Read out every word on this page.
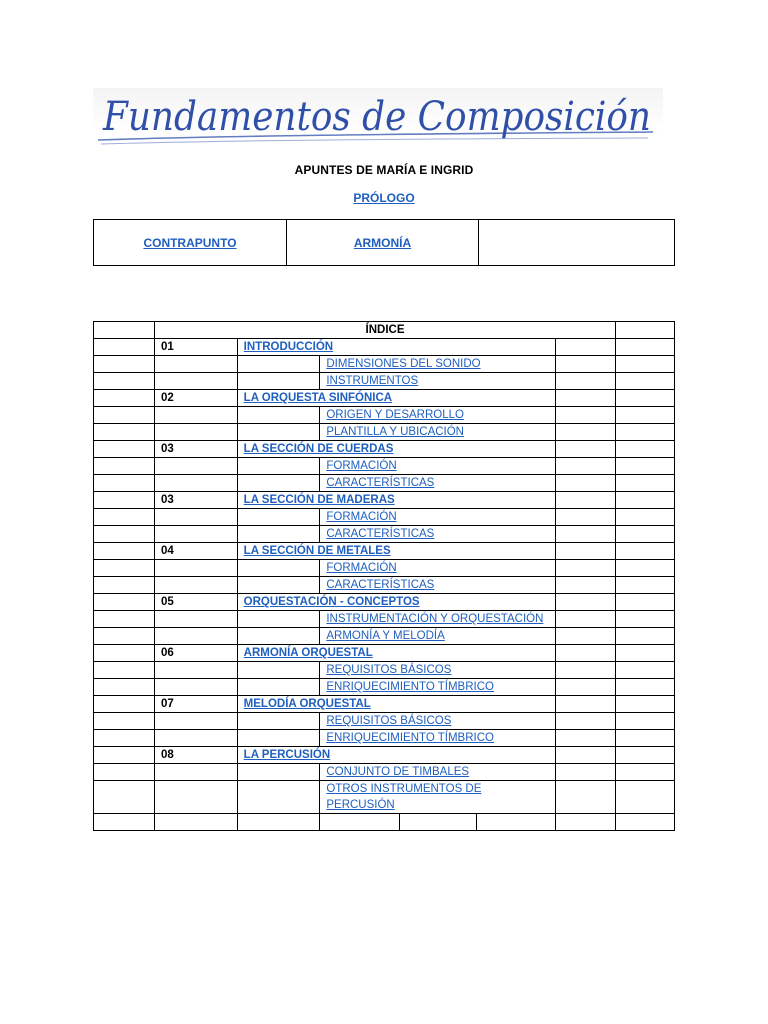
Fundamentos de Composición
APUNTES DE MARÍA E INGRID
PRÓLOGO
CONTRAPUNTO	ARMONÍA
	ÍNDICE						
	01	INTRODUCCIÓN					
			DIMENSIONES DEL SONIDO				
			INSTRUMENTOS				
	02	LA ORQUESTA SINFÓNICA					
			ORIGEN Y DESARROLLO				
			PLANTILLA Y UBICACIÓN				
	03	LA SECCIÓN DE CUERDAS					
			FORMACIÓN				
			CARACTERÍSTICAS				
	03	LA SECCIÓN DE MADERAS					
			FORMACIÓN				
			CARACTERÍSTICAS				
	04	LA SECCIÓN DE METALES					
			FORMACIÓN				
			CARACTERÍSTICAS				
	05	ORQUESTACIÓN - CONCEPTOS					
			INSTRUMENTACIÓN Y ORQUESTACIÓN				
			ARMONÍA Y MELODÍA				
	06	ARMONÍA ORQUESTAL					
			REQUISITOS BÁSICOS				
			ENRIQUECIMIENTO TÍMBRICO				
	07	MELODÍA ORQUESTAL					
			REQUISITOS BÁSICOS				
			ENRIQUECIMIENTO TÍMBRICO				
	08	LA PERCUSIÓN					
			CONJUNTO DE TIMBALES				
			OTROS INSTRUMENTOS DE PERCUSIÓN				
